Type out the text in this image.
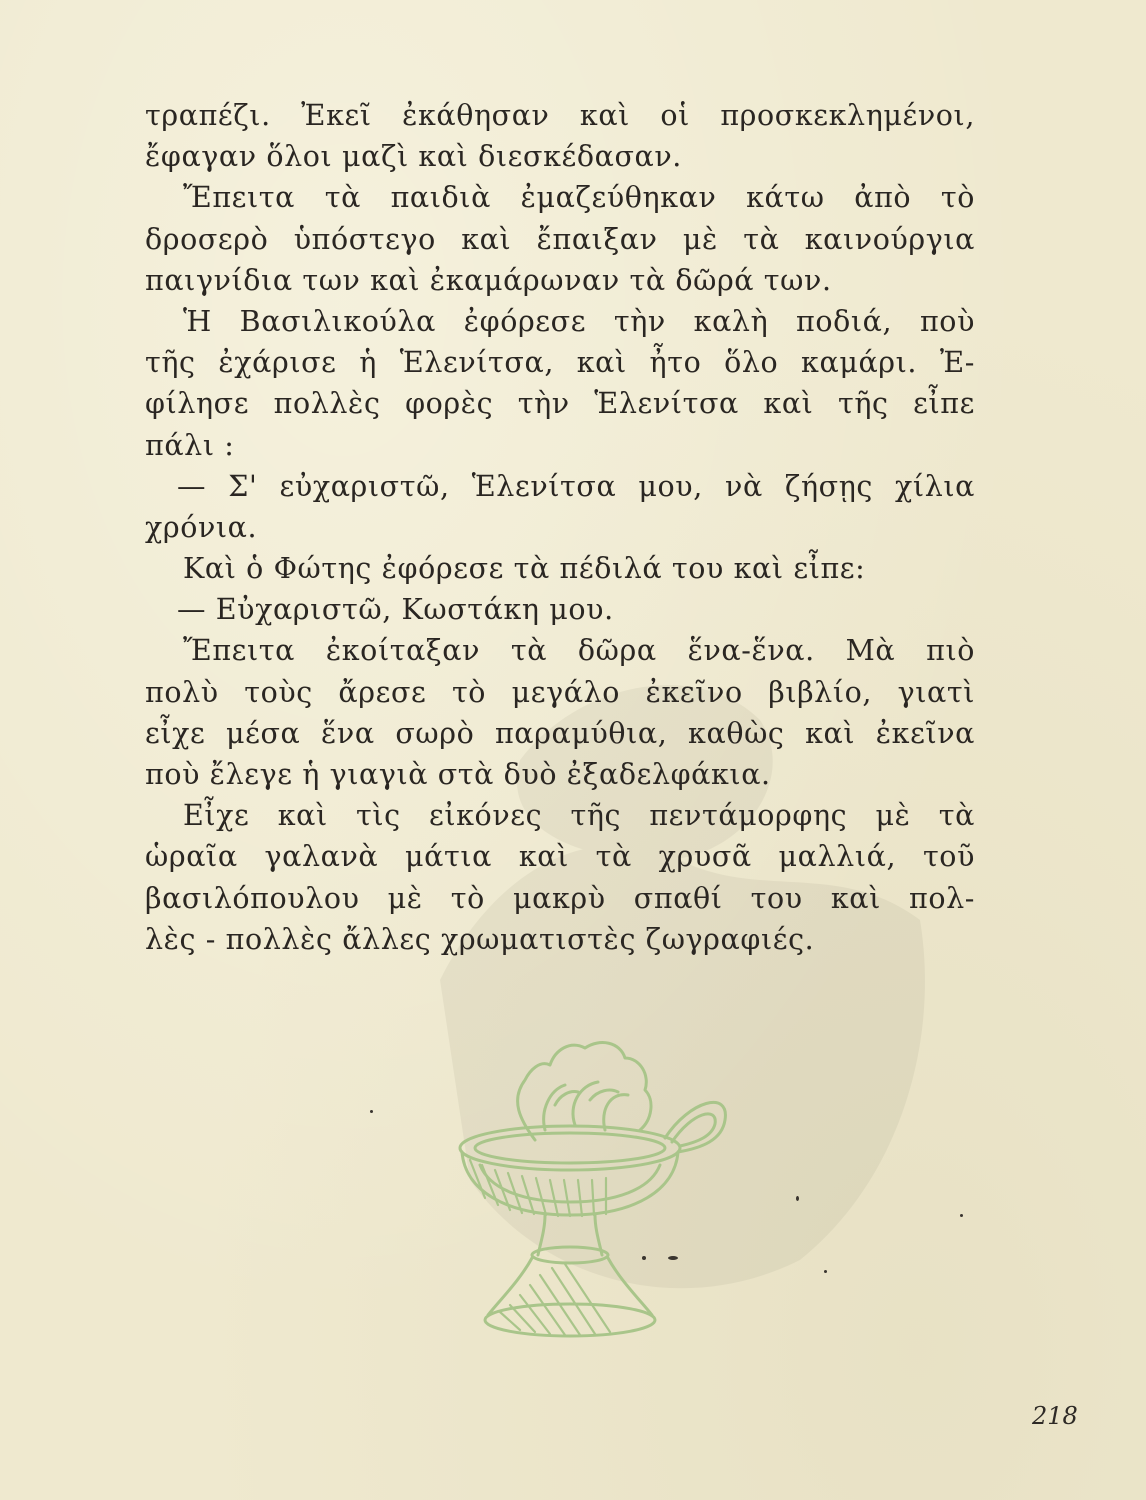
τραπέζι. Ἐκεῖ ἐκάθησαν καὶ οἱ προσκεκλημένοι,
ἔφαγαν ὅλοι μαζὶ καὶ διεσκέδασαν.
Ἔπειτα τὰ παιδιὰ ἐμαζεύθηκαν κάτω ἀπὸ τὸ
δροσερὸ ὑπόστεγο καὶ ἔπαιξαν μὲ τὰ καινούργια
παιγνίδια των καὶ ἐκαμάρωναν τὰ δῶρά των.
Ἡ Βασιλικούλα ἐφόρεσε τὴν καλὴ ποδιά, ποὺ
τῆς ἐχάρισε ἡ Ἑλενίτσα, καὶ ἦτο ὅλο καμάρι. Ἐ-
φίλησε πολλὲς φορὲς τὴν Ἑλενίτσα καὶ τῆς εἶπε
πάλι :
— Σ' εὐχαριστῶ, Ἑλενίτσα μου, νὰ ζήσῃς χίλια
χρόνια.
Καὶ ὁ Φώτης ἐφόρεσε τὰ πέδιλά του καὶ εἶπε:
— Εὐχαριστῶ, Κωστάκη μου.
Ἔπειτα ἐκοίταξαν τὰ δῶρα ἕνα-ἕνα. Μὰ πιὸ
πολὺ τοὺς ἄρεσε τὸ μεγάλο ἐκεῖνο βιβλίο, γιατὶ
εἶχε μέσα ἕνα σωρὸ παραμύθια, καθὼς καὶ ἐκεῖνα
ποὺ ἔλεγε ἡ γιαγιὰ στὰ δυὸ ἐξαδελφάκια.
Εἶχε καὶ τὶς εἰκόνες τῆς πεντάμορφης μὲ τὰ
ὡραῖα γαλανὰ μάτια καὶ τὰ χρυσᾶ μαλλιά, τοῦ
βασιλόπουλου μὲ τὸ μακρὺ σπαθί του καὶ πολ-
λὲς - πολλὲς ἄλλες χρωματιστὲς ζωγραφιές.
218
